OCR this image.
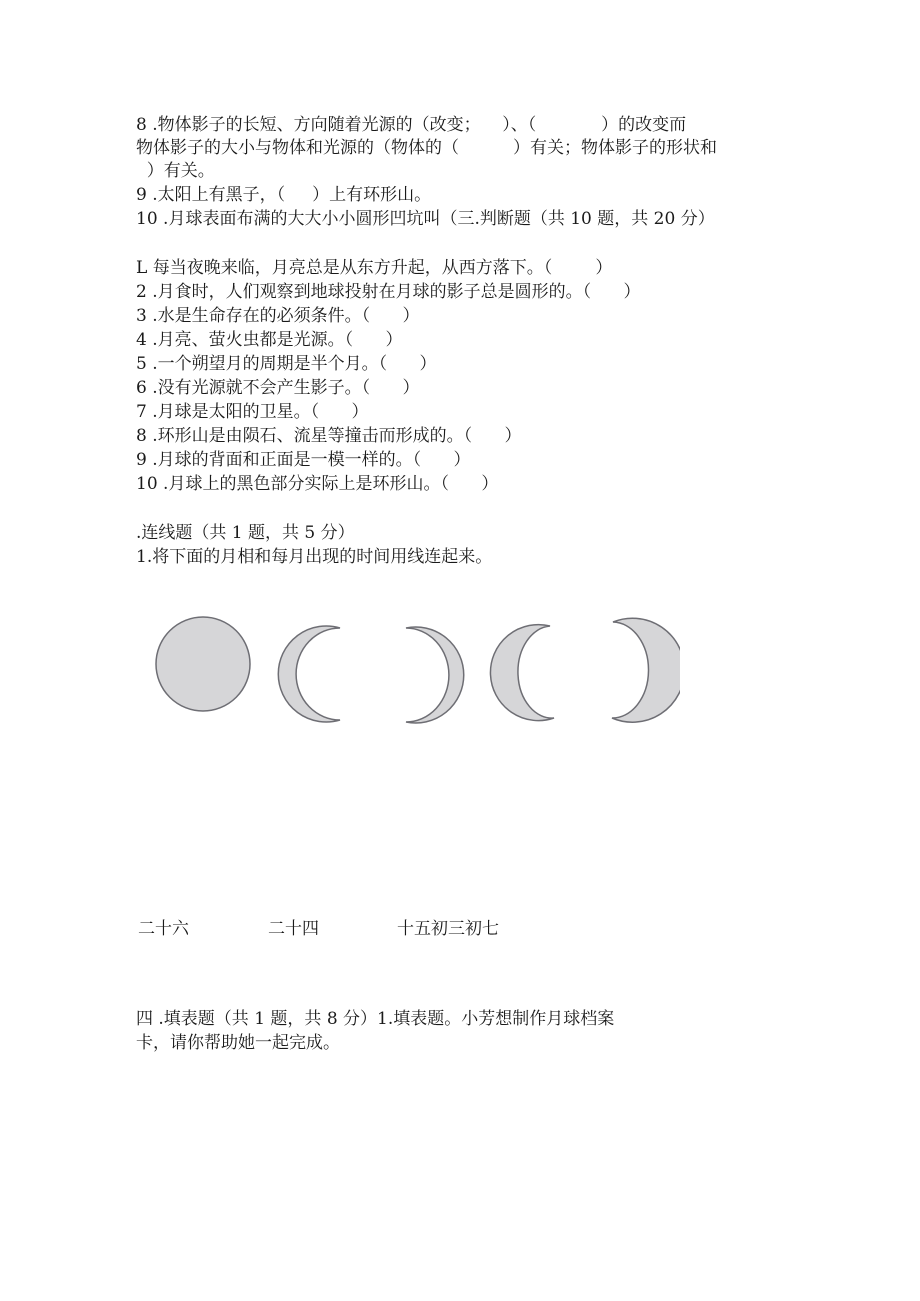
8 .物体影子的长短、方向随着光源的（改变；    ）、（            ）的改变而
物体影子的大小与物体和光源的（物体的（          ）有关；物体影子的形状和
）有关。
9 .太阳上有黑子，（     ）上有环形山。
10 .月球表面布满的大大小小圆形凹坑叫（三.判断题（共 10 题，共 20 分）
L 每当夜晚来临，月亮总是从东方升起，从西方落下。（        ）
2 .月食时，人们观察到地球投射在月球的影子总是圆形的。（      ）
3 .水是生命存在的必须条件。（      ）
4 .月亮、萤火虫都是光源。（      ）
5 .一个朔望月的周期是半个月。（      ）
6 .没有光源就不会产生影子。（      ）
7 .月球是太阳的卫星。（      ）
8 .环形山是由陨石、流星等撞击而形成的。（      ）
9 .月球的背面和正面是一模一样的。（      ）
10 .月球上的黑色部分实际上是环形山。（      ）
.连线题（共 1 题，共 5 分）
1.将下面的月相和每月出现的时间用线连起来。
二十六	二十四	十五初三初七
四 .填表题（共 1 题，共 8 分）1.填表题。小芳想制作月球档案
卡，请你帮助她一起完成。
